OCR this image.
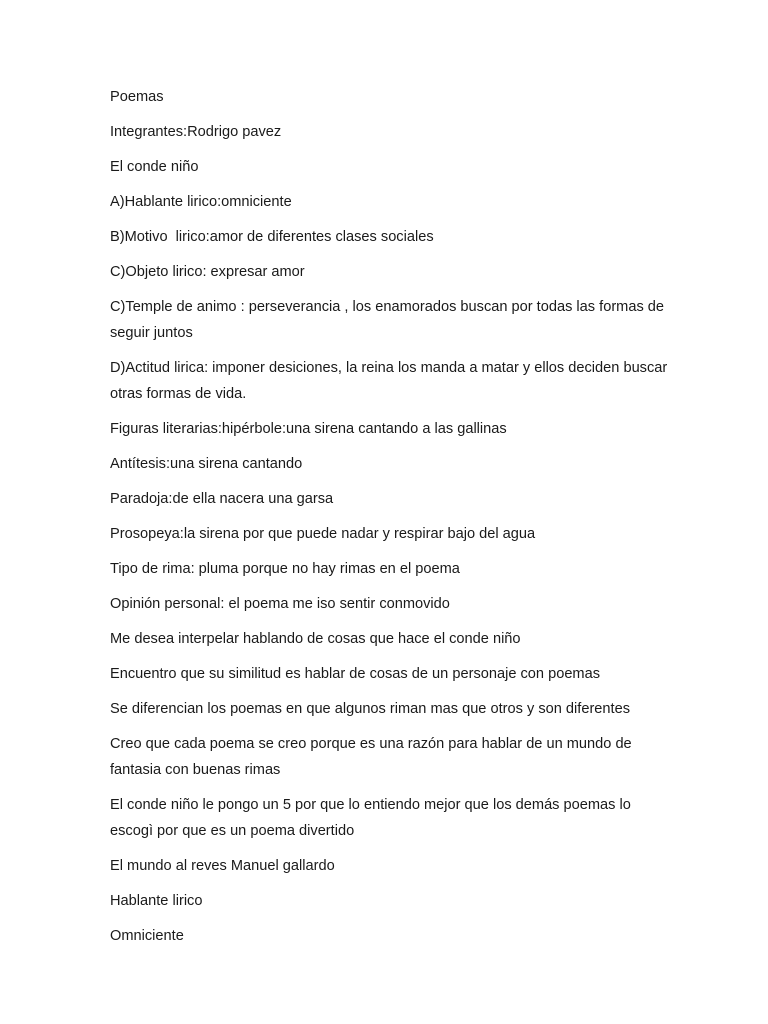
Poemas

Integrantes:Rodrigo pavez

El conde niño

A)Hablante lirico:omniciente

B)Motivo  lirico:amor de diferentes clases sociales

C)Objeto lirico: expresar amor

C)Temple de animo : perseverancia , los enamorados buscan por todas las formas de seguir juntos

D)Actitud lirica: imponer desiciones, la reina los manda a matar y ellos deciden buscar otras formas de vida.

Figuras literarias:hipérbole:una sirena cantando a las gallinas

Antítesis:una sirena cantando

Paradoja:de ella nacera una garsa

Prosopeya:la sirena por que puede nadar y respirar bajo del agua

Tipo de rima: pluma porque no hay rimas en el poema

Opinión personal: el poema me iso sentir conmovido

Me desea interpelar hablando de cosas que hace el conde niño

Encuentro que su similitud es hablar de cosas de un personaje con poemas

Se diferencian los poemas en que algunos riman mas que otros y son diferentes

Creo que cada poema se creo porque es una razón para hablar de un mundo de fantasia con buenas rimas

El conde niño le pongo un 5 por que lo entiendo mejor que los demás poemas lo escogì por que es un poema divertido

El mundo al reves Manuel gallardo

Hablante lirico

Omniciente
